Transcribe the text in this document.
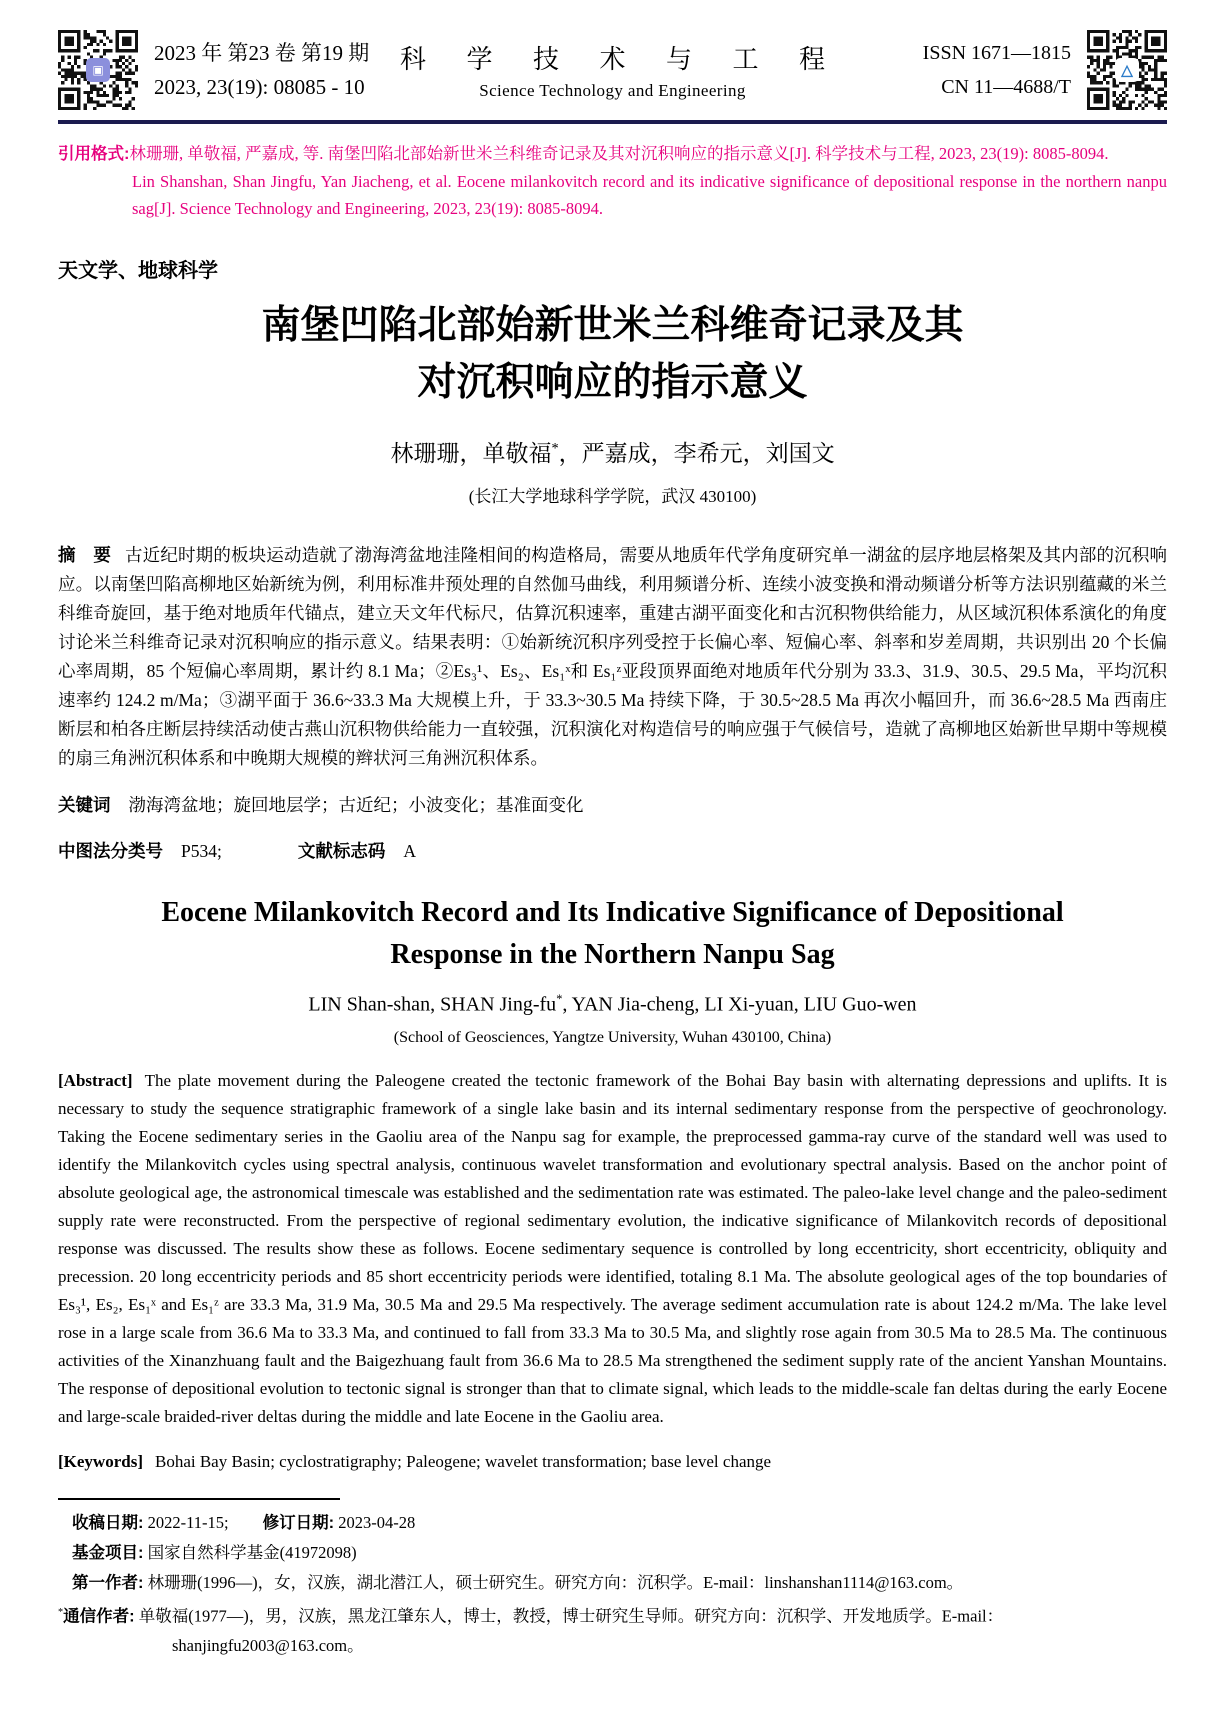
▣
2023 年 第23 卷 第19 期
2023, 23(19): 08085 - 10
科 学 技 术 与 工 程
Science Technology and Engineering
ISSN 1671—1815
CN 11—4688/T
△

引用格式:林珊珊, 单敬福, 严嘉成, 等. 南堡凹陷北部始新世米兰科维奇记录及其对沉积响应的指示意义[J]. 科学技术与工程, 2023, 23(19): 8085-8094.

Lin Shanshan, Shan Jingfu, Yan Jiacheng, et al. Eocene milankovitch record and its indicative significance of depositional response in the northern nanpu sag[J]. Science Technology and Engineering, 2023, 23(19): 8085-8094.

天文学、地球科学
南堡凹陷北部始新世米兰科维奇记录及其
对沉积响应的指示意义
林珊珊，单敬福*，严嘉成，李希元，刘国文
(长江大学地球科学学院，武汉 430100)

摘　要 古近纪时期的板块运动造就了渤海湾盆地洼隆相间的构造格局，需要从地质年代学角度研究单一湖盆的层序地层格架及其内部的沉积响应。以南堡凹陷高柳地区始新统为例，利用标准井预处理的自然伽马曲线，利用频谱分析、连续小波变换和滑动频谱分析等方法识别蕴藏的米兰科维奇旋回，基于绝对地质年代锚点，建立天文年代标尺，估算沉积速率，重建古湖平面变化和古沉积物供给能力，从区域沉积体系演化的角度讨论米兰科维奇记录对沉积响应的指示意义。结果表明：①始新统沉积序列受控于长偏心率、短偏心率、斜率和岁差周期，共识别出 20 个长偏心率周期，85 个短偏心率周期，累计约 8.1 Ma；②Es₃¹、Es₂、Es₁ˣ和 Es₁ᶻ亚段顶界面绝对地质年代分别为 33.3、31.9、30.5、29.5 Ma，平均沉积速率约 124.2 m/Ma；③湖平面于 36.6~33.3 Ma 大规模上升，于 33.3~30.5 Ma 持续下降，于 30.5~28.5 Ma 再次小幅回升，而 36.6~28.5 Ma 西南庄断层和柏各庄断层持续活动使古燕山沉积物供给能力一直较强，沉积演化对构造信号的响应强于气候信号，造就了高柳地区始新世早期中等规模的扇三角洲沉积体系和中晚期大规模的辫状河三角洲沉积体系。

关键词 渤海湾盆地；旋回地层学；古近纪；小波变化；基准面变化

中图法分类号 P534;	文献标志码 A

Eocene Milankovitch Record and Its Indicative Significance of Depositional
Response in the Northern Nanpu Sag
LIN Shan-shan, SHAN Jing-fu*, YAN Jia-cheng, LI Xi-yuan, LIU Guo-wen
(School of Geosciences, Yangtze University, Wuhan 430100, China)

[Abstract] The plate movement during the Paleogene created the tectonic framework of the Bohai Bay basin with alternating depressions and uplifts. It is necessary to study the sequence stratigraphic framework of a single lake basin and its internal sedimentary response from the perspective of geochronology. Taking the Eocene sedimentary series in the Gaoliu area of the Nanpu sag for example, the preprocessed gamma-ray curve of the standard well was used to identify the Milankovitch cycles using spectral analysis, continuous wavelet transformation and evolutionary spectral analysis. Based on the anchor point of absolute geological age, the astronomical timescale was established and the sedimentation rate was estimated. The paleo-lake level change and the paleo-sediment supply rate were reconstructed. From the perspective of regional sedimentary evolution, the indicative significance of Milankovitch records of depositional response was discussed. The results show these as follows. Eocene sedimentary sequence is controlled by long eccentricity, short eccentricity, obliquity and precession. 20 long eccentricity periods and 85 short eccentricity periods were identified, totaling 8.1 Ma. The absolute geological ages of the top boundaries of Es₃¹, Es₂, Es₁ˣ and Es₁ᶻ are 33.3 Ma, 31.9 Ma, 30.5 Ma and 29.5 Ma respectively. The average sediment accumulation rate is about 124.2 m/Ma. The lake level rose in a large scale from 36.6 Ma to 33.3 Ma, and continued to fall from 33.3 Ma to 30.5 Ma, and slightly rose again from 30.5 Ma to 28.5 Ma. The continuous activities of the Xinanzhuang fault and the Baigezhuang fault from 36.6 Ma to 28.5 Ma strengthened the sediment supply rate of the ancient Yanshan Mountains. The response of depositional evolution to tectonic signal is stronger than that to climate signal, which leads to the middle-scale fan deltas during the early Eocene and large-scale braided-river deltas during the middle and late Eocene in the Gaoliu area.

[Keywords] Bohai Bay Basin; cyclostratigraphy; Paleogene; wavelet transformation; base level change

收稿日期: 2022-11-15; 修订日期: 2023-04-28
基金项目: 国家自然科学基金(41972098)
第一作者: 林珊珊(1996—)，女，汉族，湖北潜江人，硕士研究生。研究方向：沉积学。E-mail：linshanshan1114@163.com。
*通信作者: 单敬福(1977—)，男，汉族，黑龙江肇东人，博士，教授，博士研究生导师。研究方向：沉积学、开发地质学。E-mail：shanjingfu2003@163.com。
